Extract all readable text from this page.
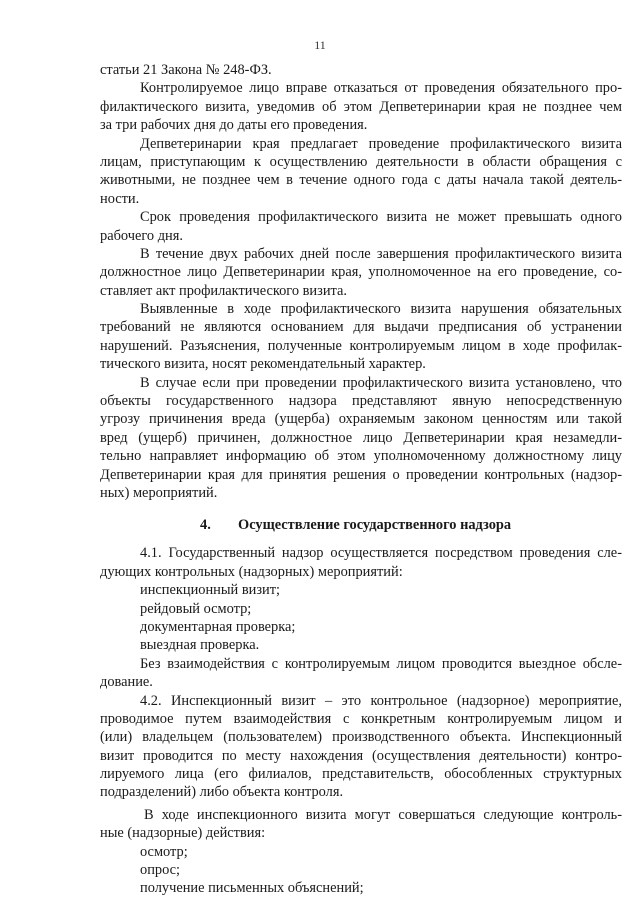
11
статьи 21 Закона № 248-ФЗ.
Контролируемое лицо вправе отказаться от проведения обязательного про-
филактического визита, уведомив об этом Депветеринарии края не позднее чем
за три рабочих дня до даты его проведения.
Депветеринарии края предлагает проведение профилактического визита
лицам, приступающим к осуществлению деятельности в области обращения с
животными, не позднее чем в течение одного года с даты начала такой деятель-
ности.
Срок проведения профилактического визита не может превышать одного
рабочего дня.
В течение двух рабочих дней после завершения профилактического визита
должностное лицо Депветеринарии края, уполномоченное на его проведение, со-
ставляет акт профилактического визита.
Выявленные в ходе профилактического визита нарушения обязательных
требований не являются основанием для выдачи предписания об устранении
нарушений. Разъяснения, полученные контролируемым лицом в ходе профилак-
тического визита, носят рекомендательный характер.
В случае если при проведении профилактического визита установлено, что
объекты государственного надзора представляют явную непосредственную
угрозу причинения вреда (ущерба) охраняемым законом ценностям или такой
вред (ущерб) причинен, должностное лицо Депветеринарии края незамедли-
тельно направляет информацию об этом уполномоченному должностному лицу
Депветеринарии края для принятия решения о проведении контрольных (надзор-
ных) мероприятий.
4. Осуществление государственного надзора
4.1. Государственный надзор осуществляется посредством проведения сле-
дующих контрольных (надзорных) мероприятий:
инспекционный визит;
рейдовый осмотр;
документарная проверка;
выездная проверка.
Без взаимодействия с контролируемым лицом проводится выездное обсле-
дование.
4.2. Инспекционный визит – это контрольное (надзорное) мероприятие,
проводимое путем взаимодействия с конкретным контролируемым лицом и
(или) владельцем (пользователем) производственного объекта. Инспекционный
визит проводится по месту нахождения (осуществления деятельности) контро-
лируемого лица (его филиалов, представительств, обособленных структурных
подразделений) либо объекта контроля.
В ходе инспекционного визита могут совершаться следующие контроль-
ные (надзорные) действия:
осмотр;
опрос;
получение письменных объяснений;
